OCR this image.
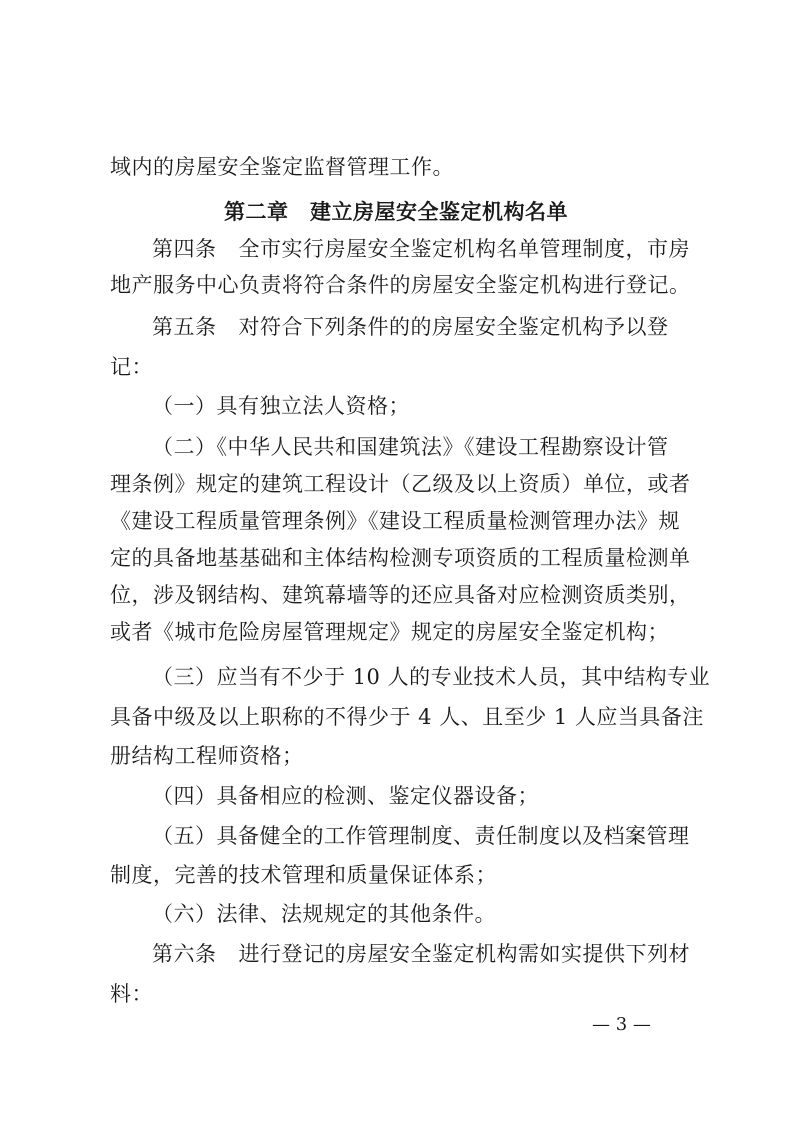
域内的房屋安全鉴定监督管理工作。
第二章　建立房屋安全鉴定机构名单
第四条 全市实行房屋安全鉴定机构名单管理制度，市房
地产服务中心负责将符合条件的房屋安全鉴定机构进行登记。
第五条 对符合下列条件的的房屋安全鉴定机构予以登
记：
（一）具有独立法人资格；
（二）《中华人民共和国建筑法》《建设工程勘察设计管
理条例》规定的建筑工程设计（乙级及以上资质）单位，或者
《建设工程质量管理条例》《建设工程质量检测管理办法》规
定的具备地基基础和主体结构检测专项资质的工程质量检测单
位，涉及钢结构、建筑幕墙等的还应具备对应检测资质类别，
或者《城市危险房屋管理规定》规定的房屋安全鉴定机构；
（三）应当有不少于 10 人的专业技术人员，其中结构专业
具备中级及以上职称的不得少于 4 人、且至少 1 人应当具备注
册结构工程师资格；
（四）具备相应的检测、鉴定仪器设备；
（五）具备健全的工作管理制度、责任制度以及档案管理
制度，完善的技术管理和质量保证体系；
（六）法律、法规规定的其他条件。
第六条 进行登记的房屋安全鉴定机构需如实提供下列材
料：
— 3 —
